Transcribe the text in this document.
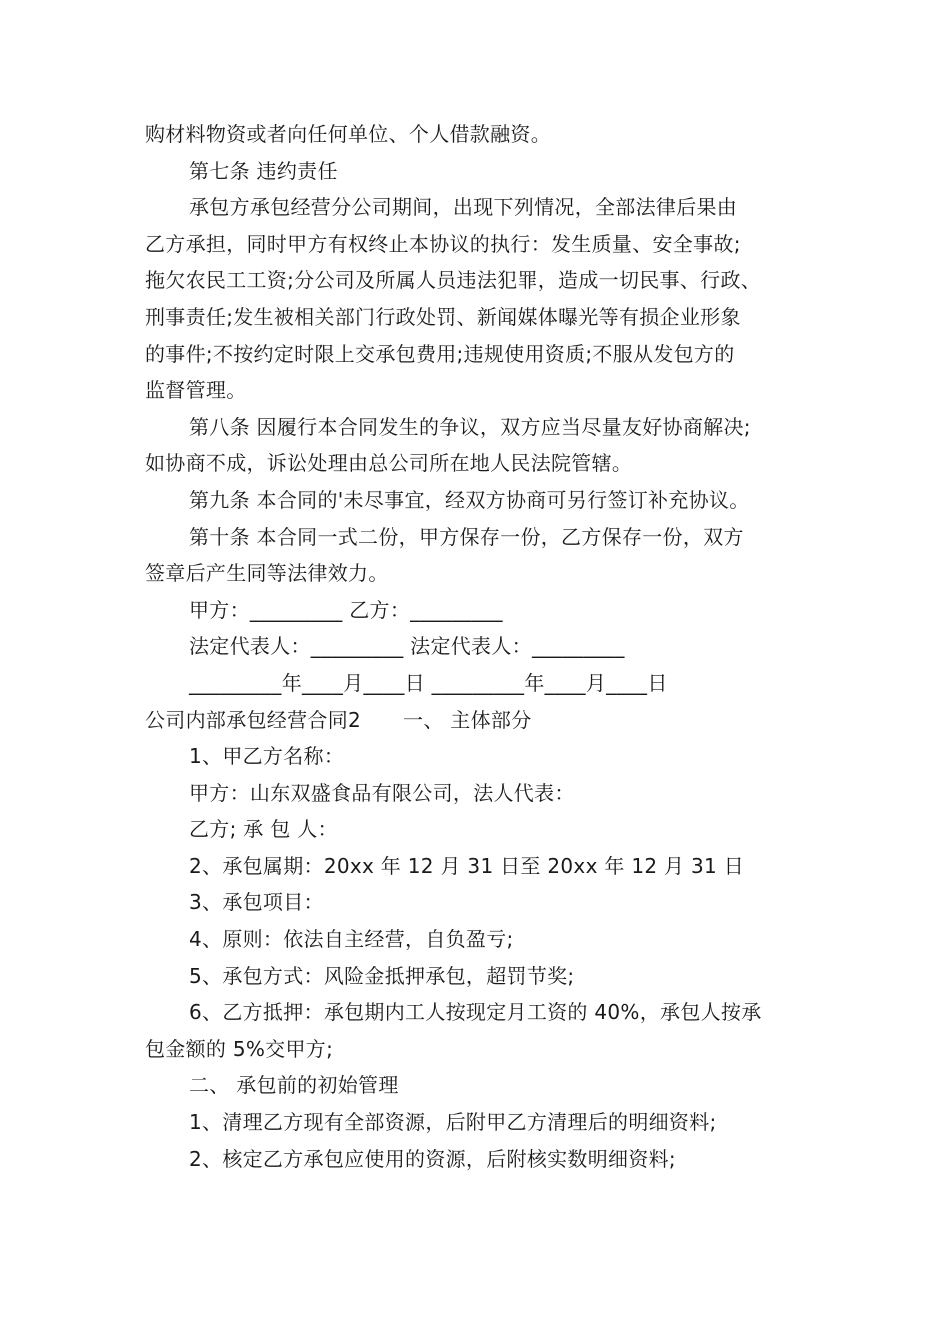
购材料物资或者向任何单位、个人借款融资。
第七条 违约责任
承包方承包经营分公司期间，出现下列情况，全部法律后果由
乙方承担，同时甲方有权终止本协议的执行：发生质量、安全事故;
拖欠农民工工资;分公司及所属人员违法犯罪，造成一切民事、行政、
刑事责任;发生被相关部门行政处罚、新闻媒体曝光等有损企业形象
的事件;不按约定时限上交承包费用;违规使用资质;不服从发包方的
监督管理。
第八条 因履行本合同发生的争议，双方应当尽量友好协商解决;
如协商不成，诉讼处理由总公司所在地人民法院管辖。
第九条 本合同的'未尽事宜，经双方协商可另行签订补充协议。
第十条 本合同一式二份，甲方保存一份，乙方保存一份，双方
签章后产生同等法律效力。
甲方：_________ 乙方：_________
法定代表人：_________ 法定代表人：_________
_________年____月____日 _________年____月____日
公司内部承包经营合同2 一、 主体部分
1、甲乙方名称：
甲方：山东双盛食品有限公司，法人代表：
乙方; 承 包 人：
2、承包属期：20xx 年 12 月 31 日至 20xx 年 12 月 31 日
3、承包项目：
4、原则：依法自主经营，自负盈亏;
5、承包方式：风险金抵押承包，超罚节奖;
6、乙方抵押：承包期内工人按现定月工资的 40%，承包人按承
包金额的 5%交甲方;
二、 承包前的初始管理
1、清理乙方现有全部资源，后附甲乙方清理后的明细资料;
2、核定乙方承包应使用的资源，后附核实数明细资料;
